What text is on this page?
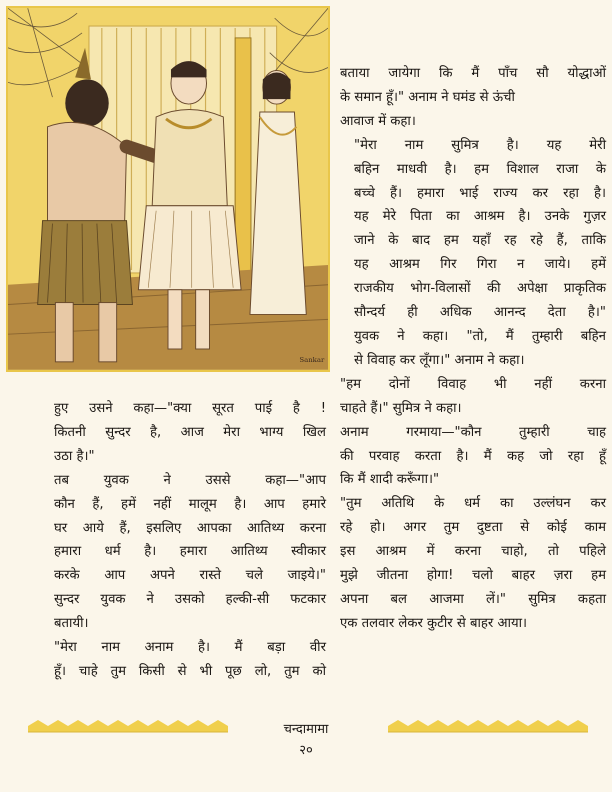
Sankar

बताया जायेगा कि मैं पाँच सौ योद्धाओं
के समान हूँ।" अनाम ने घमंड से ऊंची
आवाज में कहा।

"मेरा नाम सुमित्र है। यह मेरी
बहिन माधवी है। हम विशाल राजा के
बच्चे हैं। हमारा भाई राज्य कर रहा है।
यह मेरे पिता का आश्रम है। उनके गुज़र
जाने के बाद हम यहाँ रह रहे हैं, ताकि
यह आश्रम गिर गिरा न जाये। हमें
राजकीय भोग-विलासों की अपेक्षा प्राकृतिक
सौन्दर्य ही अधिक आनन्द देता है।"
युवक ने कहा। "तो, मैं तुम्हारी बहिन
से विवाह कर लूँगा।" अनाम ने कहा।

"हम दोनों विवाह भी नहीं करना
चाहते हैं।" सुमित्र ने कहा।

अनाम गरमाया—"कौन तुम्हारी चाह
की परवाह करता है। मैं कह जो रहा हूँ
कि मैं शादी करूँगा।"

"तुम अतिथि के धर्म का उल्लंघन कर
रहे हो। अगर तुम दुष्टता से कोई काम
इस आश्रम में करना चाहो, तो पहिले
मुझे जीतना होगा! चलो बाहर ज़रा हम
अपना बल आजमा लें।" सुमित्र कहता
एक तलवार लेकर कुटीर से बाहर आया।

हुए उसने कहा—"क्या सूरत पाई है !
कितनी सुन्दर है, आज मेरा भाग्य खिल
उठा है।"

तब युवक ने उससे कहा—"आप
कौन हैं, हमें नहीं मालूम है। आप हमारे
घर आये हैं, इसलिए आपका आतिथ्य करना
हमारा धर्म है। हमारा आतिथ्य स्वीकार
करके आप अपने रास्ते चले जाइये।"
सुन्दर युवक ने उसको हल्की-सी फटकार
बतायी।

"मेरा नाम अनाम है। मैं बड़ा वीर
हूँ। चाहे तुम किसी से भी पूछ लो, तुम को

चन्दामामा
२०
